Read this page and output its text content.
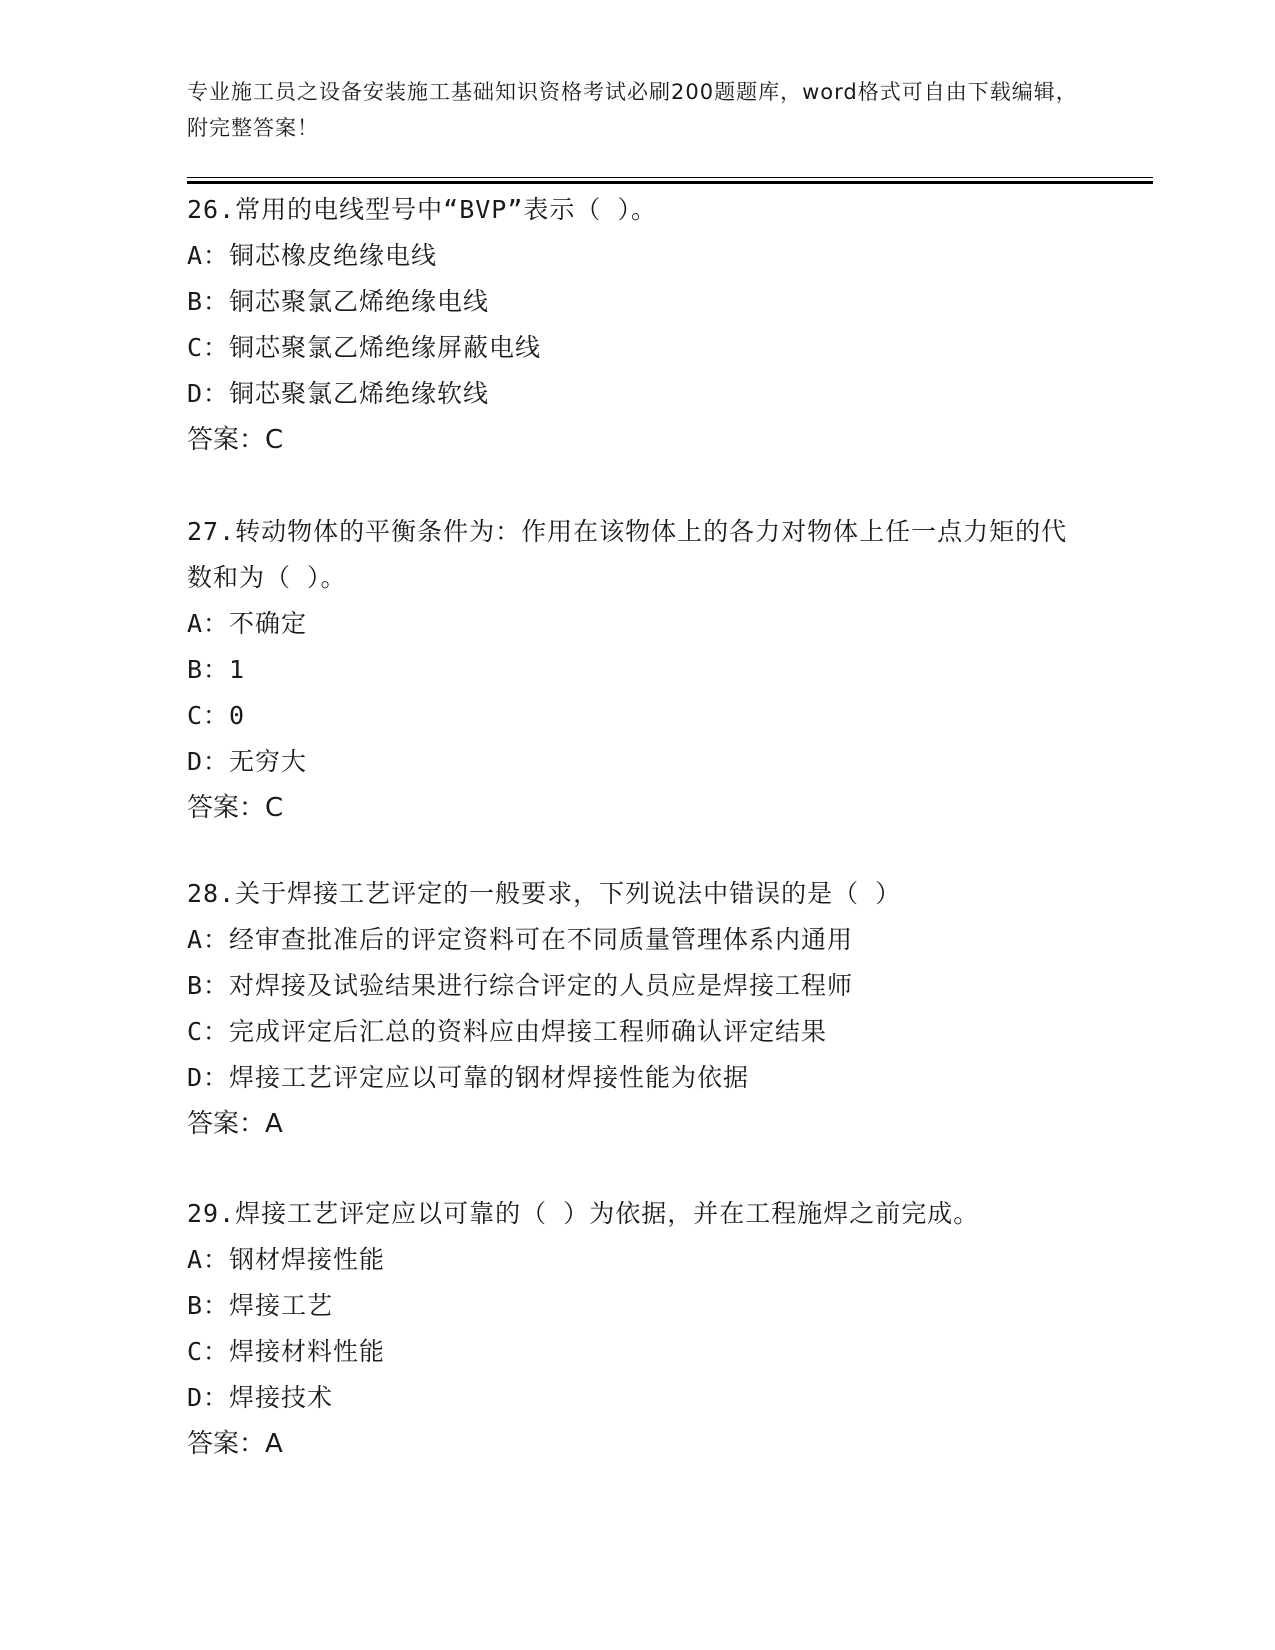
专业施工员之设备安装施工基础知识资格考试必刷200题题库，word格式可自由下载编辑，附完整答案！
26.常用的电线型号中“BVP”表示（ ）。
A：铜芯橡皮绝缘电线
B：铜芯聚氯乙烯绝缘电线
C：铜芯聚氯乙烯绝缘屏蔽电线
D：铜芯聚氯乙烯绝缘软线
答案：C
27.转动物体的平衡条件为：作用在该物体上的各力对物体上任一点力矩的代数和为（ ）。
A：不确定
B：1
C：0
D：无穷大
答案：C
28.关于焊接工艺评定的一般要求，下列说法中错误的是（ ）
A：经审查批准后的评定资料可在不同质量管理体系内通用
B：对焊接及试验结果进行综合评定的人员应是焊接工程师
C：完成评定后汇总的资料应由焊接工程师确认评定结果
D：焊接工艺评定应以可靠的钢材焊接性能为依据
答案：A
29.焊接工艺评定应以可靠的（ ）为依据，并在工程施焊之前完成。
A：钢材焊接性能
B：焊接工艺
C：焊接材料性能
D：焊接技术
答案：A
